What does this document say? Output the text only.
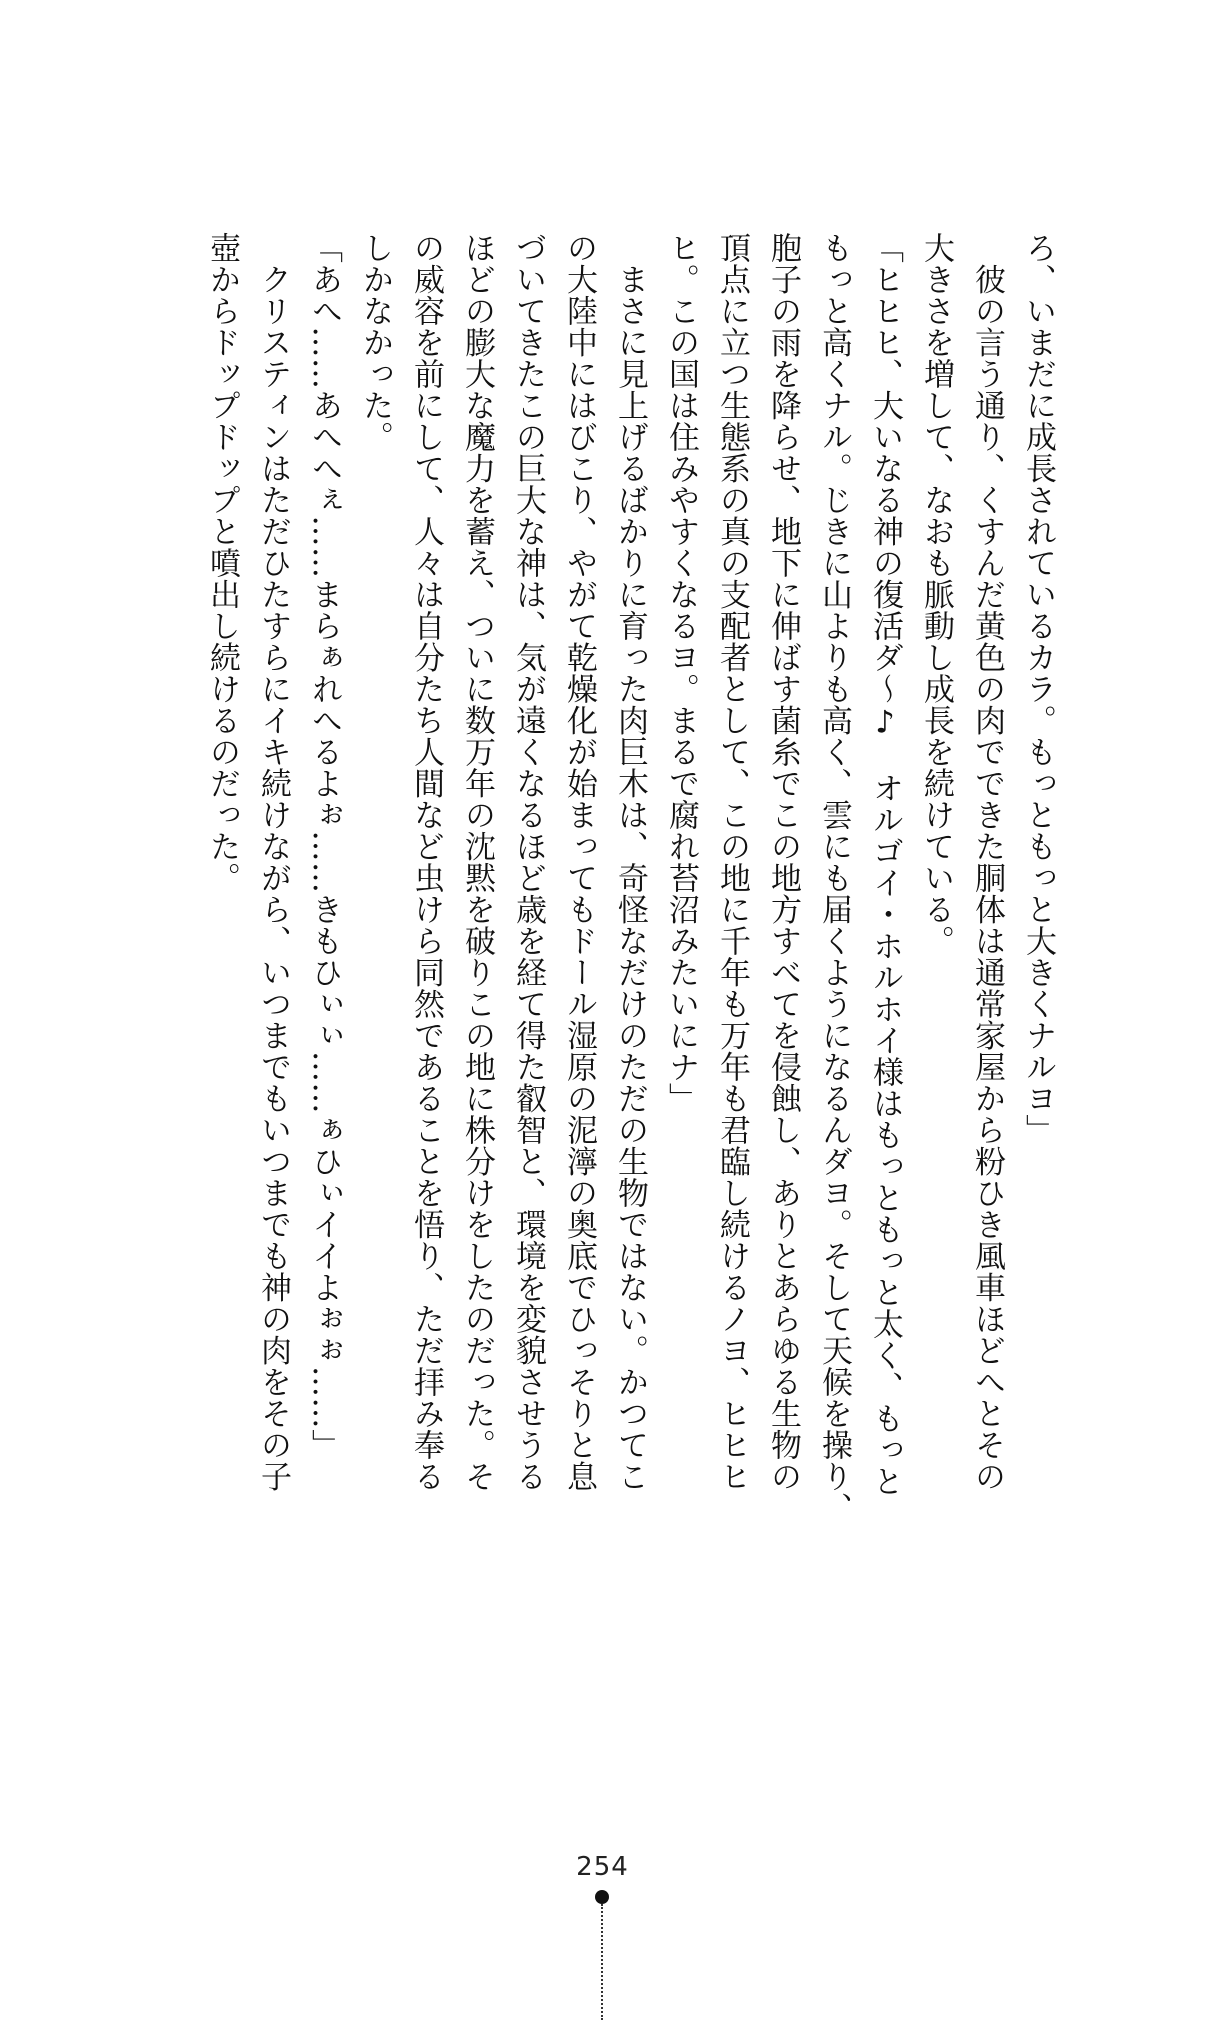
ろ、いまだに成長されているカラ。もっともっと大きくナルヨ」
　彼の言う通り、くすんだ黄色の肉でできた胴体は通常家屋から粉ひき風車ほどへとその
大きさを増して、なおも脈動し成長を続けている。
「ヒヒヒ、大いなる神の復活ダ～♪　オルゴイ・ホルホイ様はもっともっと太く、もっと
もっと高くナル。じきに山よりも高く、雲にも届くようになるんダヨ。そして天候を操り、
胞子の雨を降らせ、地下に伸ばす菌糸でこの地方すべてを侵蝕し、ありとあらゆる生物の
頂点に立つ生態系の真の支配者として、この地に千年も万年も君臨し続けるノヨ、ヒヒヒ
ヒ。この国は住みやすくなるヨ。まるで腐れ苔沼みたいにナ」
　まさに見上げるばかりに育った肉巨木は、奇怪なだけのただの生物ではない。かつてこ
の大陸中にはびこり、やがて乾燥化が始まってもドール湿原の泥濘の奥底でひっそりと息
づいてきたこの巨大な神は、気が遠くなるほど歳を経て得た叡智と、環境を変貌させうる
ほどの膨大な魔力を蓄え、ついに数万年の沈黙を破りこの地に株分けをしたのだった。そ
の威容を前にして、人々は自分たち人間など虫けら同然であることを悟り、ただ拝み奉る
しかなかった。
「あへ……あへへぇ……まらぁれへるよぉ……きもひぃぃ……ぁひぃイイよぉぉ……」
　クリスティンはただひたすらにイキ続けながら、いつまでもいつまでも神の肉をその子
壺からドップドップと噴出し続けるのだった。
254
